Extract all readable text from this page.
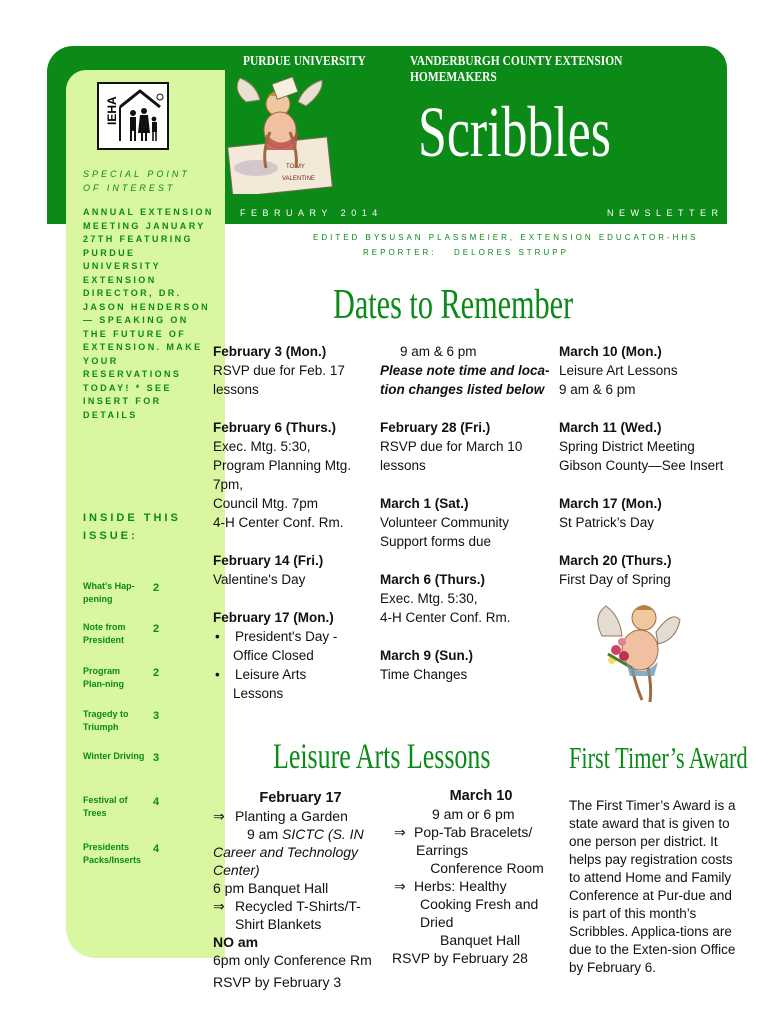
PURDUE UNIVERSITY	VANDERBURGH COUNTY EXTENSION HOMEMAKERS
Scribbles
FEBRUARY 2014	NEWSLETTER
IEHA
TO MY
VALENTINE
SPECIAL POINT OF INTEREST
ANNUAL EXTENSION MEETING JANUARY 27TH FEATURING PURDUE UNIVERSITY EXTENSION DIRECTOR, DR. JASON HENDERSON— SPEAKING ON THE FUTURE OF EXTENSION. MAKE YOUR RESERVATIONS TODAY! * SEE INSERT FOR DETAILS
INSIDE THIS ISSUE:
What's Hap-pening
2
Note from President
2
Program Plan-ning
2
Tragedy to Triumph
3
Winter Driving 3
Festival of Trees
4
Presidents Packs/Inserts
4
EDITED BY:
SUSAN PLASSMEIER, EXTENSION EDUCATOR-HHS
REPORTER: DELORES STRUPP
Dates to Remember
February 3 (Mon.)
RSVP due for Feb. 17
lessons
February 6 (Thurs.)
Exec. Mtg. 5:30,
Program Planning Mtg.
7pm,
Council Mtg. 7pm
4-H Center Conf. Rm.
February 14 (Fri.)
Valentine's Day
February 17 (Mon.)
•	President's Day -
Office Closed
•	Leisure Arts
Lessons
9 am & 6 pm
Please note time and loca-
tion changes listed below
February 28 (Fri.)
RSVP due for March 10
lessons
March 1 (Sat.)
Volunteer Community
Support forms due
March 6 (Thurs.)
Exec. Mtg. 5:30,
4-H Center Conf. Rm.
March 9 (Sun.)
Time Changes
March 10 (Mon.)
Leisure Art Lessons
9 am & 6 pm
March 11 (Wed.)
Spring District Meeting
Gibson County—See Insert
March 17 (Mon.)
St Patrick’s Day
March 20 (Thurs.)
First Day of Spring
Leisure Arts Lessons
February 17
⇒ Planting a Garden
9 am SICTC (S. IN
Career and Technology
Center)
6 pm Banquet Hall
⇒ Recycled T-Shirts/T-
Shirt Blankets
NO am
6pm only Conference Rm
RSVP by February 3
March 10
9 am or 6 pm
⇒ Pop-Tab Bracelets/
Earrings
Conference Room
⇒ Herbs: Healthy
Cooking Fresh and
Dried
Banquet Hall
RSVP by February 28
First Timer’s Award
The First Timer’s Award is a state award that is given to one person per district. It helps pay registration costs to attend Home and Family Conference at Pur-due and is part of this month’s Scribbles. Applica-tions are due to the Exten-sion Office by February 6.
